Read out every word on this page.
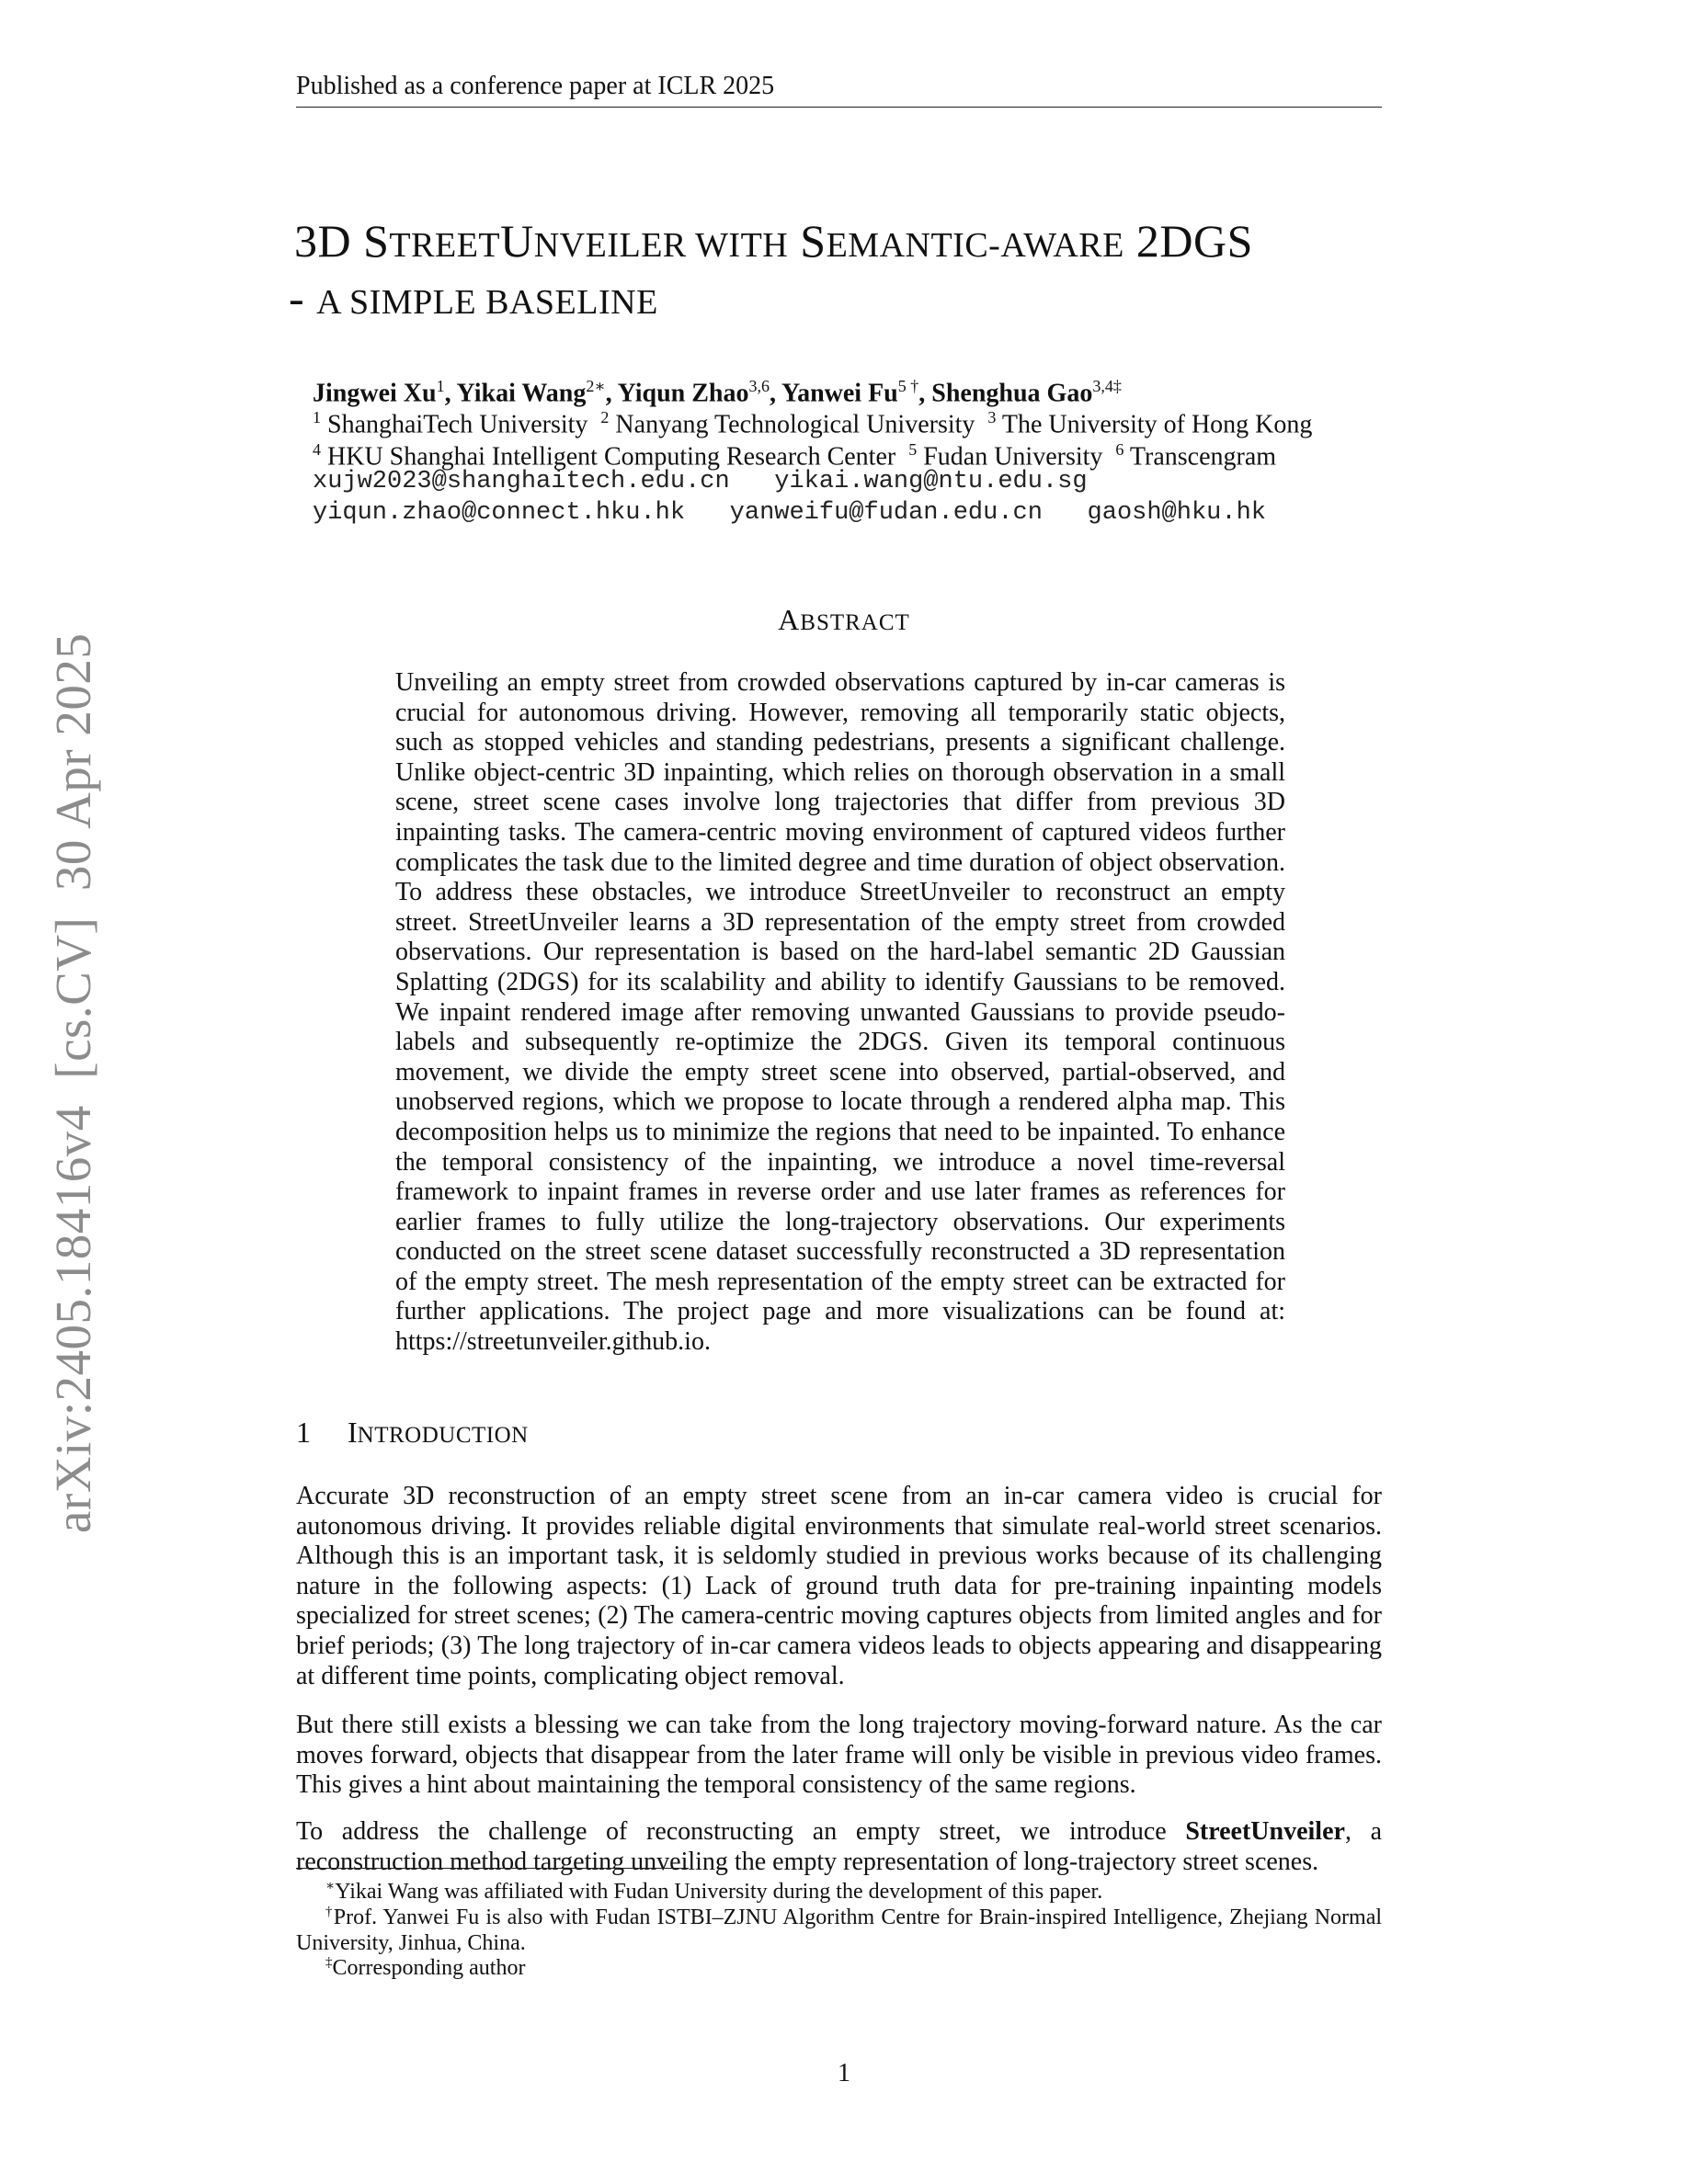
Published as a conference paper at ICLR 2025
3D STREETUNVEILER WITH SEMANTIC-AWARE 2DGS
- A SIMPLE BASELINE
Jingwei Xu$^1$, Yikai Wang$^{2∗}$, Yiqun Zhao$^{3,6}$, Yanwei $Fu^{5 \dagger}$, Shenghua Gao$^{3,4\ddagger}$
$^1$ ShanghaiTech University  $^2$ Nanyang Technological University  $^3$ The University of Hong Kong
$^4$ HKU Shanghai Intelligent Computing Research Center  $^5$ Fudan University  $^6$ Transcengram
xujw2023@shanghaitech.edu.cn   yikai.wang@ntu.edu.sg
yiqun.zhao@connect.hku.hk   yanweifu@fudan.edu.cn   gaosh@hku.hk
arXiv:2405.18416v4  [cs.CV]  30 Apr 2025
ABSTRACT
Unveiling an empty street from crowded observations captured by in-car cameras is crucial for autonomous driving. However, removing all temporarily static objects, such as stopped vehicles and standing pedestrians, presents a significant challenge. Unlike object-centric 3D inpainting, which relies on thorough observation in a small scene, street scene cases involve long trajectories that differ from previous 3D inpainting tasks. The camera-centric moving environment of captured videos further complicates the task due to the limited degree and time duration of object observation. To address these obstacles, we introduce StreetUnveiler to reconstruct an empty street. StreetUnveiler learns a 3D representation of the empty street from crowded observations. Our representation is based on the hard-label semantic 2D Gaussian Splatting (2DGS) for its scalability and ability to identify Gaussians to be removed. We inpaint rendered image after removing unwanted Gaussians to provide pseudo-labels and subsequently re-optimize the 2DGS. Given its temporal continuous movement, we divide the empty street scene into observed, partial-observed, and unobserved regions, which we propose to locate through a rendered alpha map. This decomposition helps us to minimize the regions that need to be inpainted. To enhance the temporal consistency of the inpainting, we introduce a novel time-reversal framework to inpaint frames in reverse order and use later frames as references for earlier frames to fully utilize the long-trajectory observations. Our experiments conducted on the street scene dataset successfully reconstructed a 3D representation of the empty street. The mesh representation of the empty street can be extracted for further applications. The project page and more visualizations can be found at: https://streetunveiler.github.io.
1 INTRODUCTION
Accurate 3D reconstruction of an empty street scene from an in-car camera video is crucial for autonomous driving. It provides reliable digital environments that simulate real-world street scenarios. Although this is an important task, it is seldomly studied in previous works because of its challenging nature in the following aspects: (1) Lack of ground truth data for pre-training inpainting models specialized for street scenes; (2) The camera-centric moving captures objects from limited angles and for brief periods; (3) The long trajectory of in-car camera videos leads to objects appearing and disappearing at different time points, complicating object removal.
But there still exists a blessing we can take from the long trajectory moving-forward nature. As the car moves forward, objects that disappear from the later frame will only be visible in previous video frames. This gives a hint about maintaining the temporal consistency of the same regions.
To address the challenge of reconstructing an empty street, we introduce StreetUnveiler, a reconstruction method targeting unveiling the empty representation of long-trajectory street scenes.
∗Yikai Wang was affiliated with Fudan University during the development of this paper.
†Prof. Yanwei Fu is also with Fudan ISTBI–ZJNU Algorithm Centre for Brain-inspired Intelligence, Zhejiang Normal University, Jinhua, China.
‡Corresponding author
1
